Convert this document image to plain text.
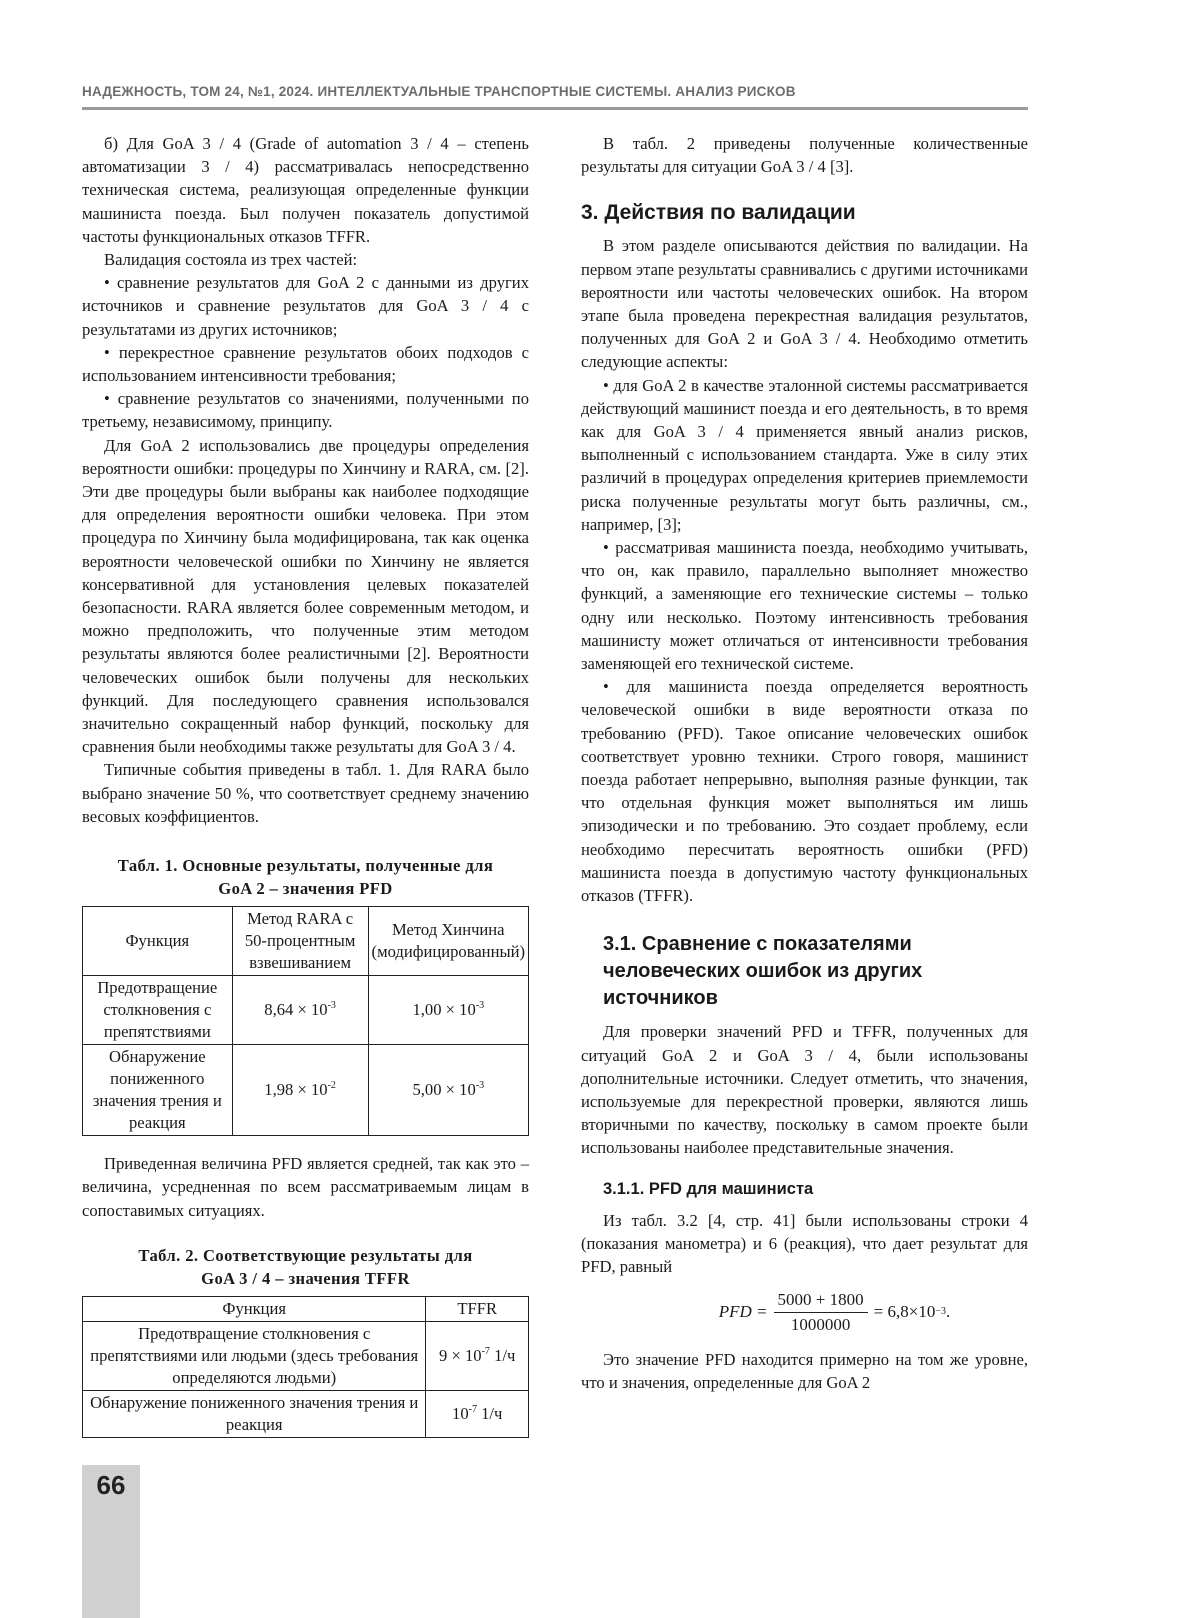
НАДЕЖНОСТЬ, ТОМ 24, №1, 2024. ИНТЕЛЛЕКТУАЛЬНЫЕ ТРАНСПОРТНЫЕ СИСТЕМЫ. АНАЛИЗ РИСКОВ

б) Для GoA 3 / 4 (Grade of automation 3 / 4 – степень автоматизации 3 / 4) рассматривалась непосредственно техническая система, реализующая определенные функции машиниста поезда. Был получен показатель допустимой частоты функциональных отказов TFFR.

Валидация состояла из трех частей:

• сравнение результатов для GoA 2 с данными из других источников и сравнение результатов для GoA 3 / 4 с результатами из других источников;

• перекрестное сравнение результатов обоих подходов с использованием интенсивности требования;

• сравнение результатов со значениями, полученными по третьему, независимому, принципу.

Для GoA 2 использовались две процедуры определения вероятности ошибки: процедуры по Хинчину и RARA, см. [2]. Эти две процедуры были выбраны как наиболее подходящие для определения вероятности ошибки человека. При этом процедура по Хинчину была модифицирована, так как оценка вероятности человеческой ошибки по Хинчину не является консервативной для установления целевых показателей безопасности. RARA является более современным методом, и можно предположить, что полученные этим методом результаты являются более реалистичными [2]. Вероятности человеческих ошибок были получены для нескольких функций. Для последующего сравнения использовался значительно сокращенный набор функций, поскольку для сравнения были необходимы также результаты для GoA 3 / 4.

Типичные события приведены в табл. 1. Для RARA было выбрано значение 50 %, что соответствует среднему значению весовых коэффициентов.

Табл. 1. Основные результаты, полученные для
GoA 2 – значения PFD
Функция	Метод RARA с 50-процентным взвешиванием	Метод Хинчина (модифицированный)
Предотвращение столкновения с препятствиями	8,64 × 10-3	1,00 × 10-3
Обнаружение пониженного значения трения и реакция	1,98 × 10-2	5,00 × 10-3

Приведенная величина PFD является средней, так как это – величина, усредненная по всем рассматриваемым лицам в сопоставимых ситуациях.

Табл. 2. Соответствующие результаты для
GoA 3 / 4 – значения TFFR
Функция	TFFR
Предотвращение столкновения с препятствиями или людьми (здесь требования определяются людьми)	9 × 10-7 1/ч
Обнаружение пониженного значения трения и реакция	10-7 1/ч

В табл. 2 приведены полученные количественные результаты для ситуации GoA 3 / 4 [3].

3. Действия по валидации

В этом разделе описываются действия по валидации. На первом этапе результаты сравнивались с другими источниками вероятности или частоты человеческих ошибок. На втором этапе была проведена перекрестная валидация результатов, полученных для GoA 2 и GoA 3 / 4. Необходимо отметить следующие аспекты:

• для GoA 2 в качестве эталонной системы рассматривается действующий машинист поезда и его деятельность, в то время как для GoA 3 / 4 применяется явный анализ рисков, выполненный с использованием стандарта. Уже в силу этих различий в процедурах определения критериев приемлемости риска полученные результаты могут быть различны, см., например, [3];

• рассматривая машиниста поезда, необходимо учитывать, что он, как правило, параллельно выполняет множество функций, а заменяющие его технические системы – только одну или несколько. Поэтому интенсивность требования машинисту может отличаться от интенсивности требования заменяющей его технической системе.

• для машиниста поезда определяется вероятность человеческой ошибки в виде вероятности отказа по требованию (PFD). Такое описание человеческих ошибок соответствует уровню техники. Строго говоря, машинист поезда работает непрерывно, выполняя разные функции, так что отдельная функция может выполняться им лишь эпизодически и по требованию. Это создает проблему, если необходимо пересчитать вероятность ошибки (PFD) машиниста поезда в допустимую частоту функциональных отказов (TFFR).

3.1. Сравнение с показателями человеческих ошибок из других источников

Для проверки значений PFD и TFFR, полученных для ситуаций GoA 2 и GoA 3 / 4, были использованы дополнительные источники. Следует отметить, что значения, используемые для перекрестной проверки, являются лишь вторичными по качеству, поскольку в самом проекте были использованы наиболее представительные значения.

3.1.1. PFD для машиниста

Из табл. 3.2 [4, стр. 41] были использованы строки 4 (показания манометра) и 6 (реакция), что дает результат для PFD, равный

PFD =
5000 + 1800
1000000
= 6,8×10 −3 .

Это значение PFD находится примерно на том же уровне, что и значения, определенные для GoA 2

66
